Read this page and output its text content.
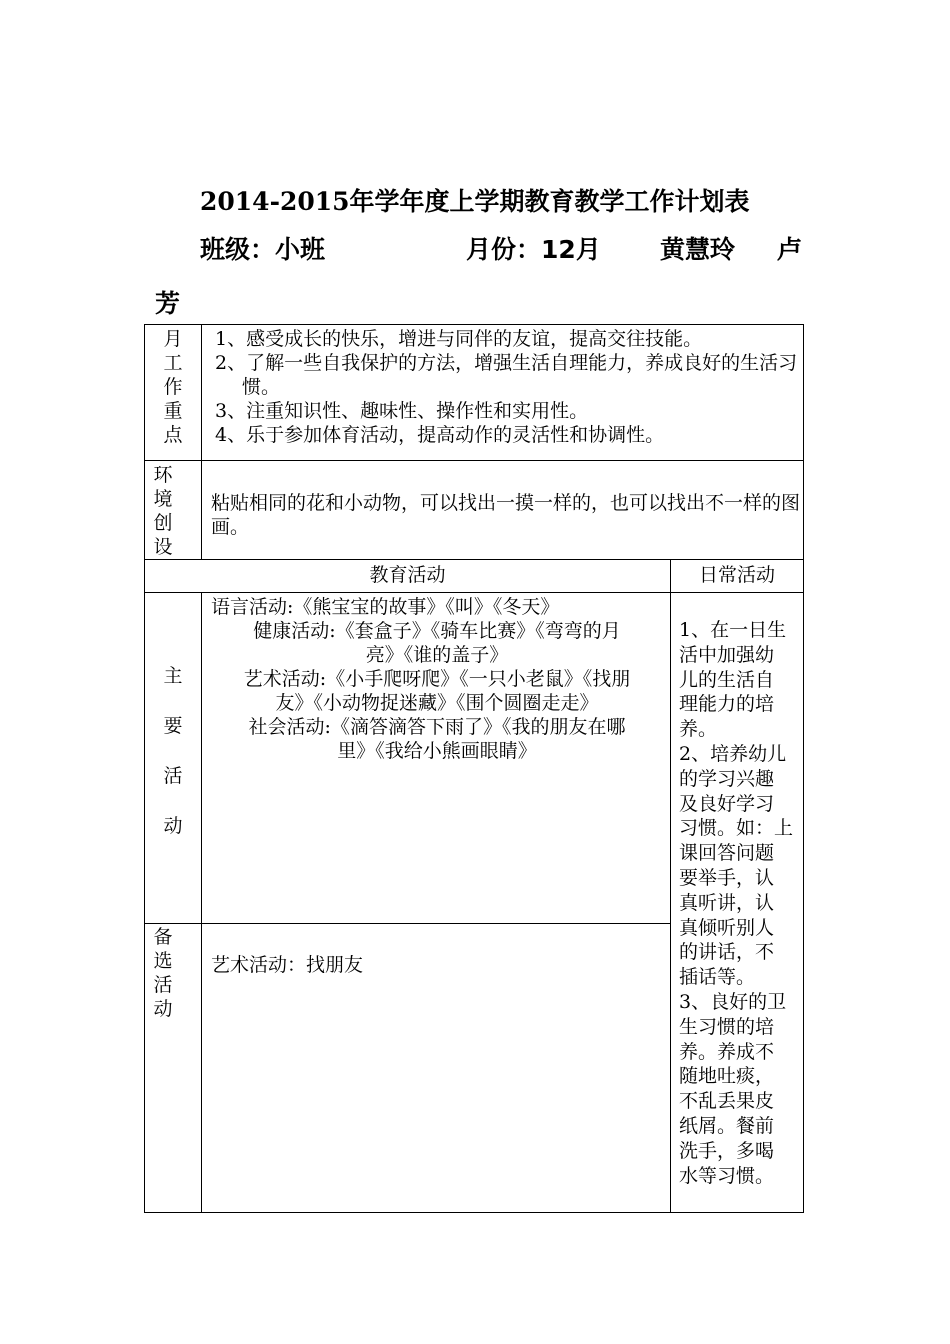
2014-2015年学年度上学期教育教学工作计划表
班级：小班	月份：12月 黄慧玲 卢
芳
月
工
作
重
点

1、感受成长的快乐，增进与同伴的友谊，提高交往技能。

2、了解一些自我保护的方法，增强生活自理能力，养成良好的生活习惯。

3、注重知识性、趣味性、操作性和实用性。

4、乐于参加体育活动，提高动作的灵活性和协调性。

环
境
创
设
粘贴相同的花和小动物，可以找出一摸一样的，也可以找出不一样的图画。
教育活动	日常活动
主
要
活
动

语言活动:《熊宝宝的故事》《叫》《冬天》

健康活动:《套盒子》《骑车比赛》《弯弯的月

亮》《谁的盖子》

艺术活动:《小手爬呀爬》《一只小老鼠》《找朋

友》《小动物捉迷藏》《围个圆圈走走》

社会活动:《滴答滴答下雨了》《我的朋友在哪

里》《我给小熊画眼睛》

备
选
活
动
艺术活动：找朋友

1、在一日生

活中加强幼

儿的生活自

理能力的培

养。

2、培养幼儿

的学习兴趣

及良好学习

习惯。如：上

课回答问题

要举手，认

真听讲，认

真倾听别人

的讲话，不

插话等。

3、良好的卫

生习惯的培

养。养成不

随地吐痰，

不乱丢果皮

纸屑。餐前

洗手，多喝

水等习惯。
